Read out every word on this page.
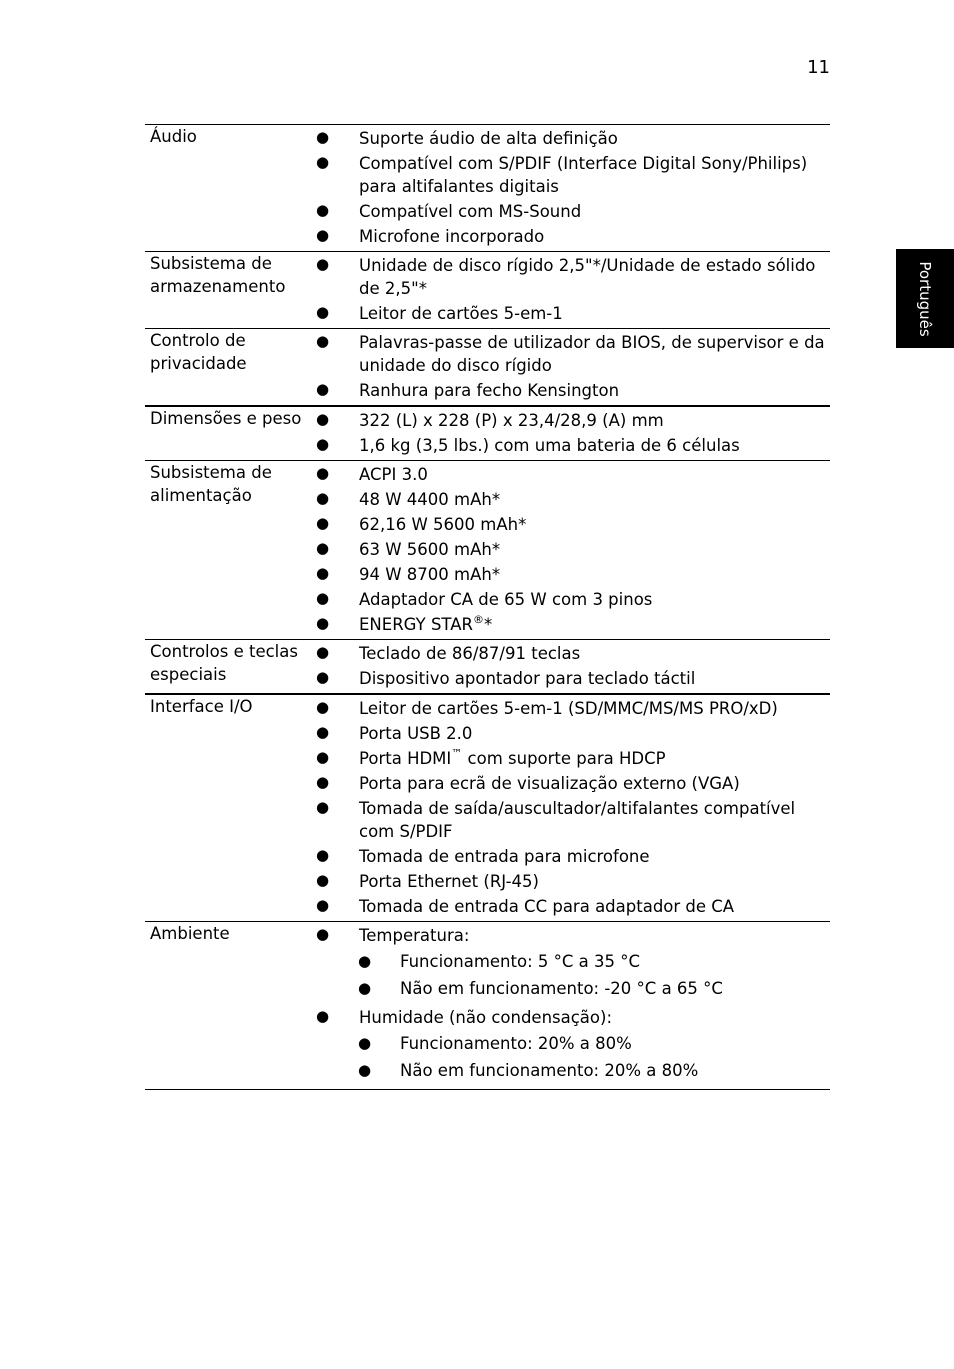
11
Português
Áudio	● Suporte áudio de alta definição
● Compatível com S/PDIF (Interface Digital Sony/Philips) para altifalantes digitais
● Compatível com MS-Sound
● Microfone incorporado
Subsistema de armazenamento
● Unidade de disco rígido 2,5"*/Unidade de estado sólido de 2,5"*
● Leitor de cartões 5-em-1
Controlo de privacidade
● Palavras-passe de utilizador da BIOS, de supervisor e da unidade do disco rígido
● Ranhura para fecho Kensington
Dimensões e peso ● 322 (L) x 228 (P) x 23,4/28,9 (A) mm
● 1,6 kg (3,5 lbs.) com uma bateria de 6 células
Subsistema de alimentação
● ACPI 3.0
● 48 W 4400 mAh*
● 62,16 W 5600 mAh*
● 63 W 5600 mAh*
● 94 W 8700 mAh*
● Adaptador CA de 65 W com 3 pinos
● ENERGY STAR®*
Controlos e teclas especiais
● Teclado de 86/87/91 teclas
● Dispositivo apontador para teclado táctil
Interface I/O	● Leitor de cartões 5-em-1 (SD/MMC/MS/MS PRO/xD)
● Porta USB 2.0
● Porta HDMI™ com suporte para HDCP
● Porta para ecrã de visualização externo (VGA)
● Tomada de saída/auscultador/altifalantes compatível com S/PDIF
● Tomada de entrada para microfone
● Porta Ethernet (RJ-45)
● Tomada de entrada CC para adaptador de CA
Ambiente	● Temperatura:
● Funcionamento: 5 °C a 35 °C
● Não em funcionamento: -20 °C a 65 °C
● Humidade (não condensação):
● Funcionamento: 20% a 80%
● Não em funcionamento: 20% a 80%
